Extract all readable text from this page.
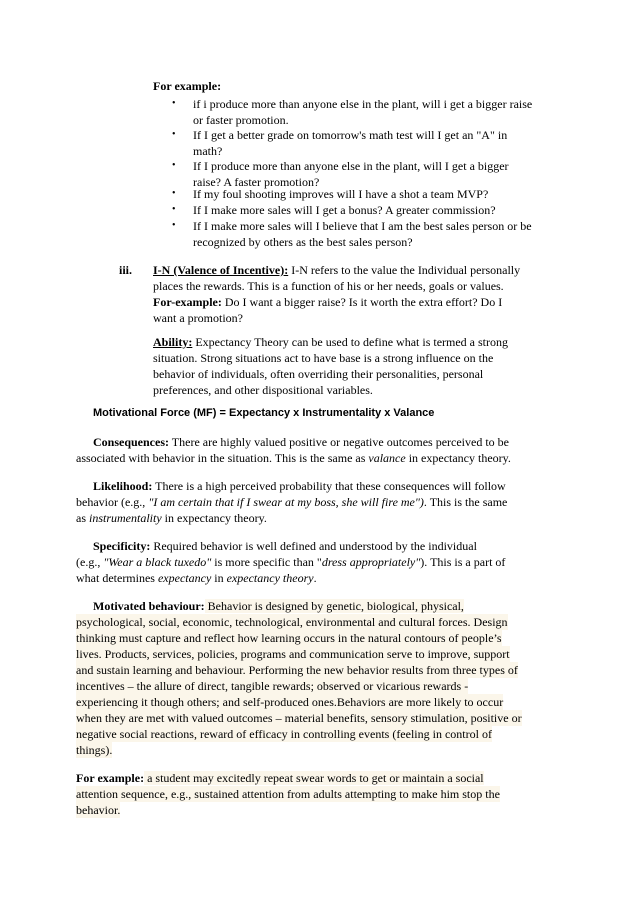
For example:
• if i produce more than anyone else in the plant, will i get a bigger raise
or faster promotion.
• If I get a better grade on tomorrow's math test will I get an "A" in
math?
• If I produce more than anyone else in the plant, will I get a bigger
raise? A faster promotion?
• If my foul shooting improves will I have a shot a team MVP?
• If I make more sales will I get a bonus? A greater commission?
• If I make more sales will I believe that I am the best sales person or be
recognized by others as the best sales person?
iii. I-N (Valence of Incentive): I-N refers to the value the Individual personally
places the rewards. This is a function of his or her needs, goals or values.
For-example: Do I want a bigger raise? Is it worth the extra effort? Do I
want a promotion?
Ability: Expectancy Theory can be used to define what is termed a strong
situation. Strong situations act to have base is a strong influence on the
behavior of individuals, often overriding their personalities, personal
preferences, and other dispositional variables.
Motivational Force (MF) = Expectancy x Instrumentality x Valance
Consequences: There are highly valued positive or negative outcomes perceived to be
associated with behavior in the situation. This is the same as valance in expectancy theory.
Likelihood: There is a high perceived probability that these consequences will follow
behavior (e.g., "I am certain that if I swear at my boss, she will fire me"). This is the same
as instrumentality in expectancy theory.
Specificity: Required behavior is well defined and understood by the individual
(e.g., "Wear a black tuxedo" is more specific than "dress appropriately"). This is a part of
what determines expectancy in expectancy theory.
Motivated behaviour: Behavior is designed by genetic, biological, physical,
psychological, social, economic, technological, environmental and cultural forces. Design
thinking must capture and reflect how learning occurs in the natural contours of people’s
lives. Products, services, policies, programs and communication serve to improve, support
and sustain learning and behaviour. Performing the new behavior results from three types of
incentives – the allure of direct, tangible rewards; observed or vicarious rewards -
experiencing it though others; and self-produced ones.Behaviors are more likely to occur
when they are met with valued outcomes – material benefits, sensory stimulation, positive or
negative social reactions, reward of efficacy in controlling events (feeling in control of
things).
For example: a student may excitedly repeat swear words to get or maintain a social
attention sequence, e.g., sustained attention from adults attempting to make him stop the
behavior.
